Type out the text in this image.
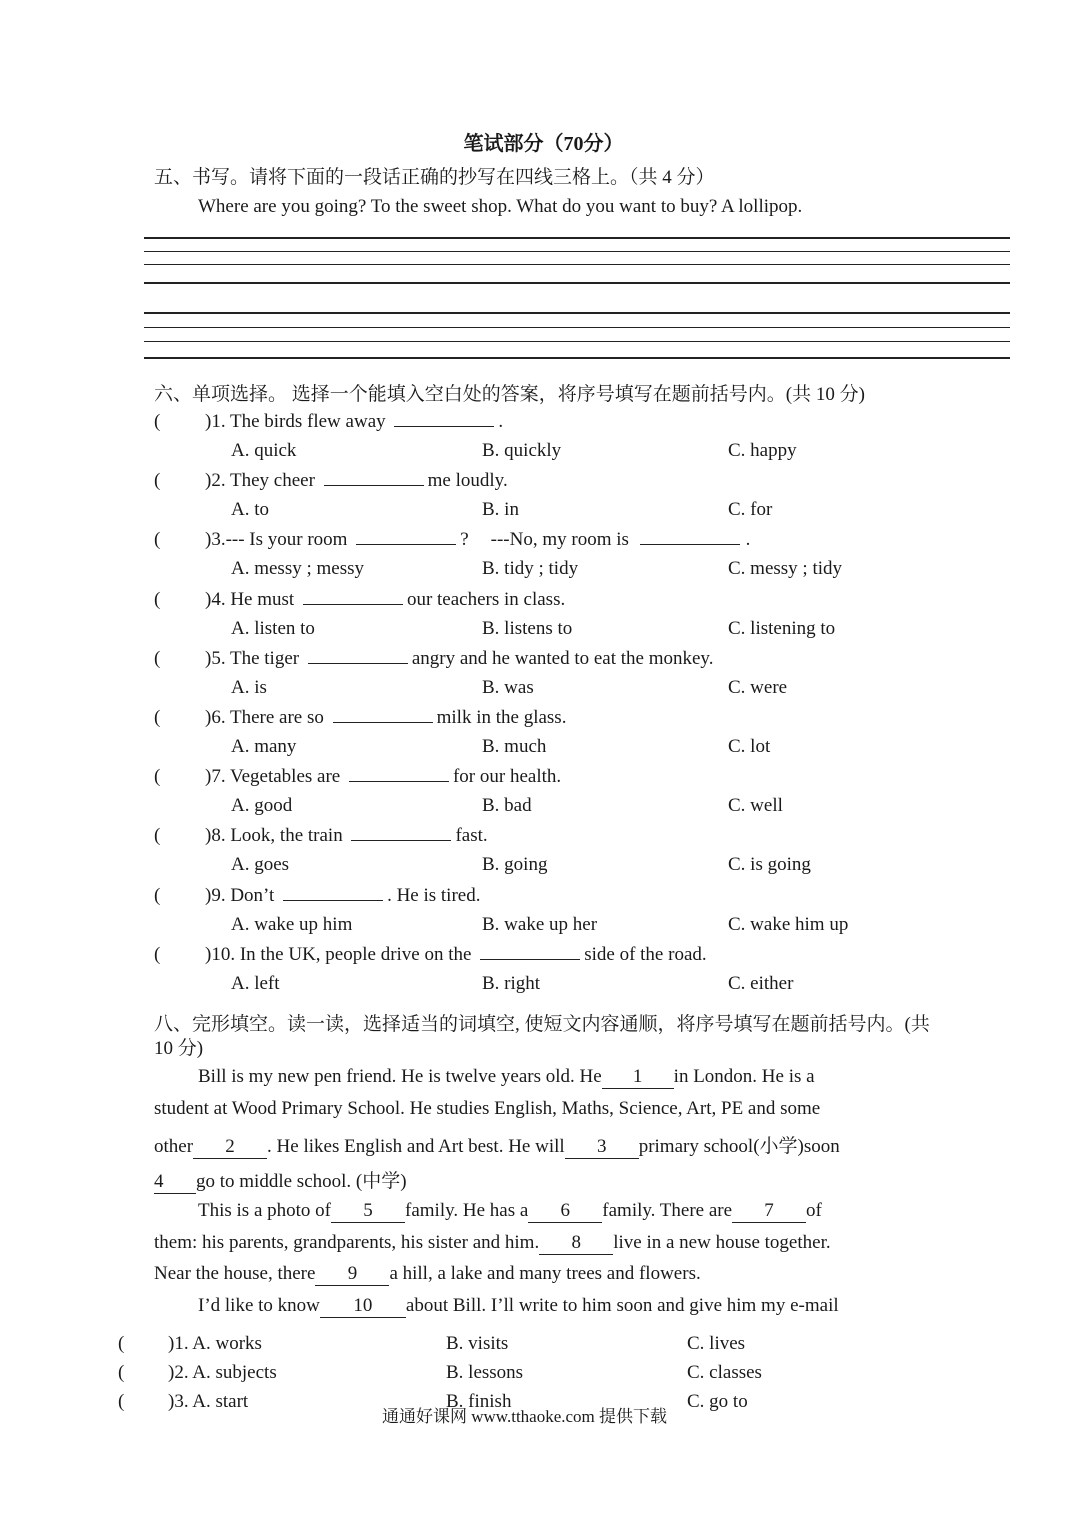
笔试部分（70分）
五、书写。请将下面的一段话正确的抄写在四线三格上。（共 4 分）
Where are you going? To the sweet shop. What do you want to buy? A lollipop.
六、单项选择。 选择一个能填入空白处的答案，将序号填写在题前括号内。(共 10 分)
( )1. The birds flew away	.
A. quick	B. quickly	C. happy
( )2. They cheer	me loudly.
A. to	B. in	C. for
( )3.--- Is your room	? ---No, my room is	.
A. messy ; messy	B. tidy ; tidy	C. messy ; tidy
( )4. He must	our teachers in class.
A. listen to	B. listens to	C. listening to
( )5. The tiger	angry and he wanted to eat the monkey.
A. is	B. was	C. were
( )6. There are so	milk in the glass.
A. many	B. much	C. lot
( )7. Vegetables are	for our health.
A. good	B. bad	C. well
( )8. Look, the train	fast.
A. goes	B. going	C. is going
( )9. Don’t	. He is tired.
A. wake up him	B. wake up her	C. wake him up
( )10. In the UK, people drive on the	side of the road.
A. left	B. right	C. either
八、完形填空。读一读，选择适当的词填空, 使短文内容通顺，将序号填写在题前括号内。(共
10 分)
Bill is my new pen friend. He is twelve years old. He 1 in London. He is a
student at Wood Primary School. He studies English, Maths, Science, Art, PE and some
other 2 . He likes English and Art best. He will 3 primary school(小学)soon
4 go to middle school. (中学)
This is a photo of 5 family. He has a 6 family. There are 7 of
them: his parents, grandparents, his sister and him. 8 live in a new house together.
Near the house, there 9 a hill, a lake and many trees and flowers.
I’d like to know 10 about Bill. I’ll write to him soon and give him my e-mail
( )1. A. works	B. visits	C. lives
( )2. A. subjects	B. lessons	C. classes
( )3. A. start	B. finish	C. go to
通通好课网 www.tthaoke.com 提供下载
